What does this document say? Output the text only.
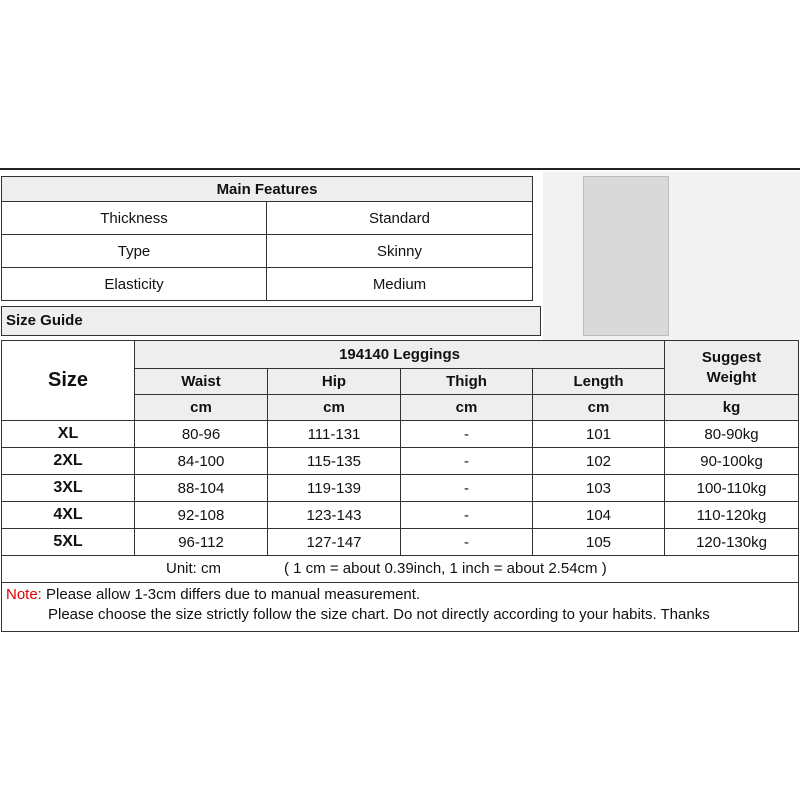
Main Features	
Thickness	Standard
Type	Skinny
Elasticity	Medium
Size Guide
Size	194140 Leggings				Suggest Weight
	Waist	Hip	Thigh	Length	
	cm	cm	cm	cm	kg
XL	80-96	111-131	-	101	80-90kg
2XL	84-100	115-135	-	102	90-100kg
3XL	88-104	119-139	-	103	100-110kg
4XL	92-108	123-143	-	104	110-120kg
5XL	96-112	127-147	-	105	120-130kg

Unit: cm ( 1 cm = about 0.39inch, 1 inch = about 2.54cm )					

Note: Please allow 1-3cm differs due to manual measurement.
Please choose the size strictly follow the size chart. Do not directly according to your habits. Thanks					
